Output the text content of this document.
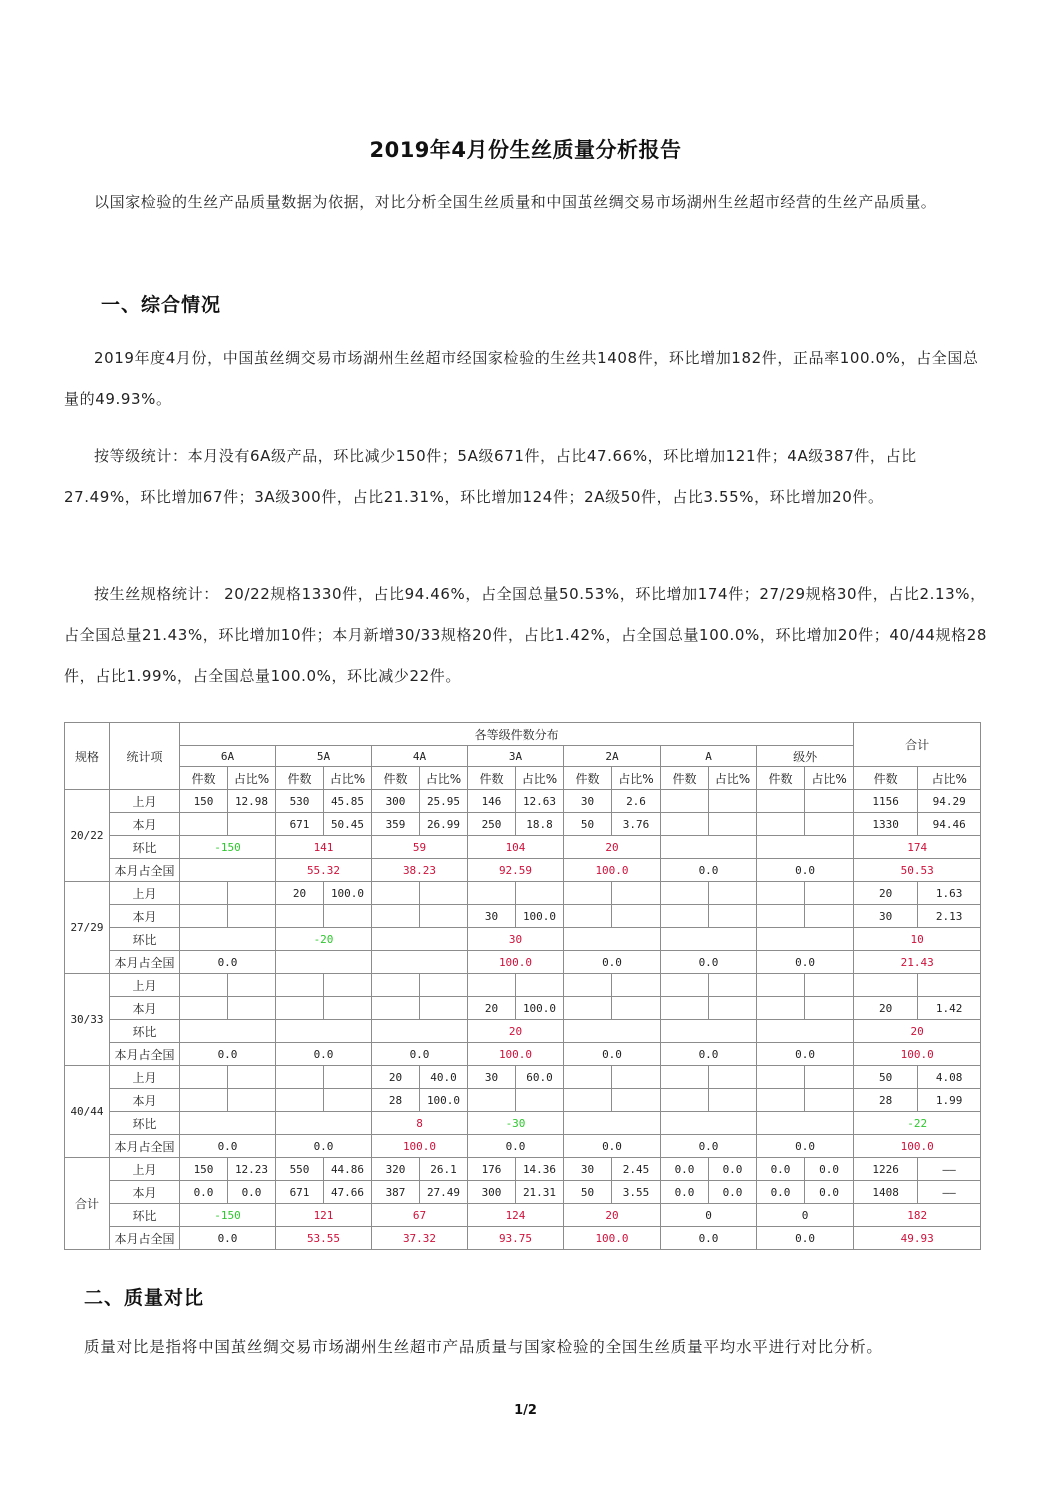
2019年4月份生丝质量分析报告
以国家检验的生丝产品质量数据为依据，对比分析全国生丝质量和中国茧丝绸交易市场湖州生丝超市经营的生丝产品质量。
一、综合情况
2019年度4月份，中国茧丝绸交易市场湖州生丝超市经国家检验的生丝共1408件，环比增加182件，正品率100.0%，占全国总量的49.93%。
按等级统计：本月没有6A级产品，环比减少150件；5A级671件，占比47.66%，环比增加121件；4A级387件，占比27.49%，环比增加67件；3A级300件，占比21.31%，环比增加124件；2A级50件，占比3.55%，环比增加20件。
按生丝规格统计： 20/22规格1330件，占比94.46%，占全国总量50.53%，环比增加174件；27/29规格30件，占比2.13%，占全国总量21.43%，环比增加10件；本月新增30/33规格20件，占比1.42%，占全国总量100.0%，环比增加20件；40/44规格28件，占比1.99%，占全国总量100.0%，环比减少22件。
规格	统计项	各等级件数分布														合计	
		6A		5A		4A		3A		2A		A		级外			
		件数	占比%	件数	占比%	件数	占比%	件数	占比%	件数	占比%	件数	占比%	件数	占比%	件数	占比%
20/22	上月	150	12.98	530	45.85	300	25.95	146	12.63	30	2.6					1156	94.29
	本月			671	50.45	359	26.99	250	18.8	50	3.76					1330	94.46
	环比	-150		141		59		104		20						174	
	本月占全国			55.32		38.23		92.59		100.0		0.0		0.0		50.53	
27/29	上月			20	100.0											20	1.63
	本月							30	100.0							30	2.13
	环比			-20				30								10	
	本月占全国	0.0						100.0		0.0		0.0		0.0		21.43	
30/33	上月																
	本月							20	100.0							20	1.42
	环比							20								20	
	本月占全国	0.0		0.0		0.0		100.0		0.0		0.0		0.0		100.0	
40/44	上月					20	40.0	30	60.0							50	4.08
	本月					28	100.0									28	1.99
	环比					8		-30								-22	
	本月占全国	0.0		0.0		100.0		0.0		0.0		0.0		0.0		100.0	
合计	上月	150	12.23	550	44.86	320	26.1	176	14.36	30	2.45	0.0	0.0	0.0	0.0	1226	——
	本月	0.0	0.0	671	47.66	387	27.49	300	21.31	50	3.55	0.0	0.0	0.0	0.0	1408	——
	环比	-150		121		67		124		20		0		0		182	
	本月占全国	0.0		53.55		37.32		93.75		100.0		0.0		0.0		49.93	
二、质量对比
质量对比是指将中国茧丝绸交易市场湖州生丝超市产品质量与国家检验的全国生丝质量平均水平进行对比分析。
1/2
